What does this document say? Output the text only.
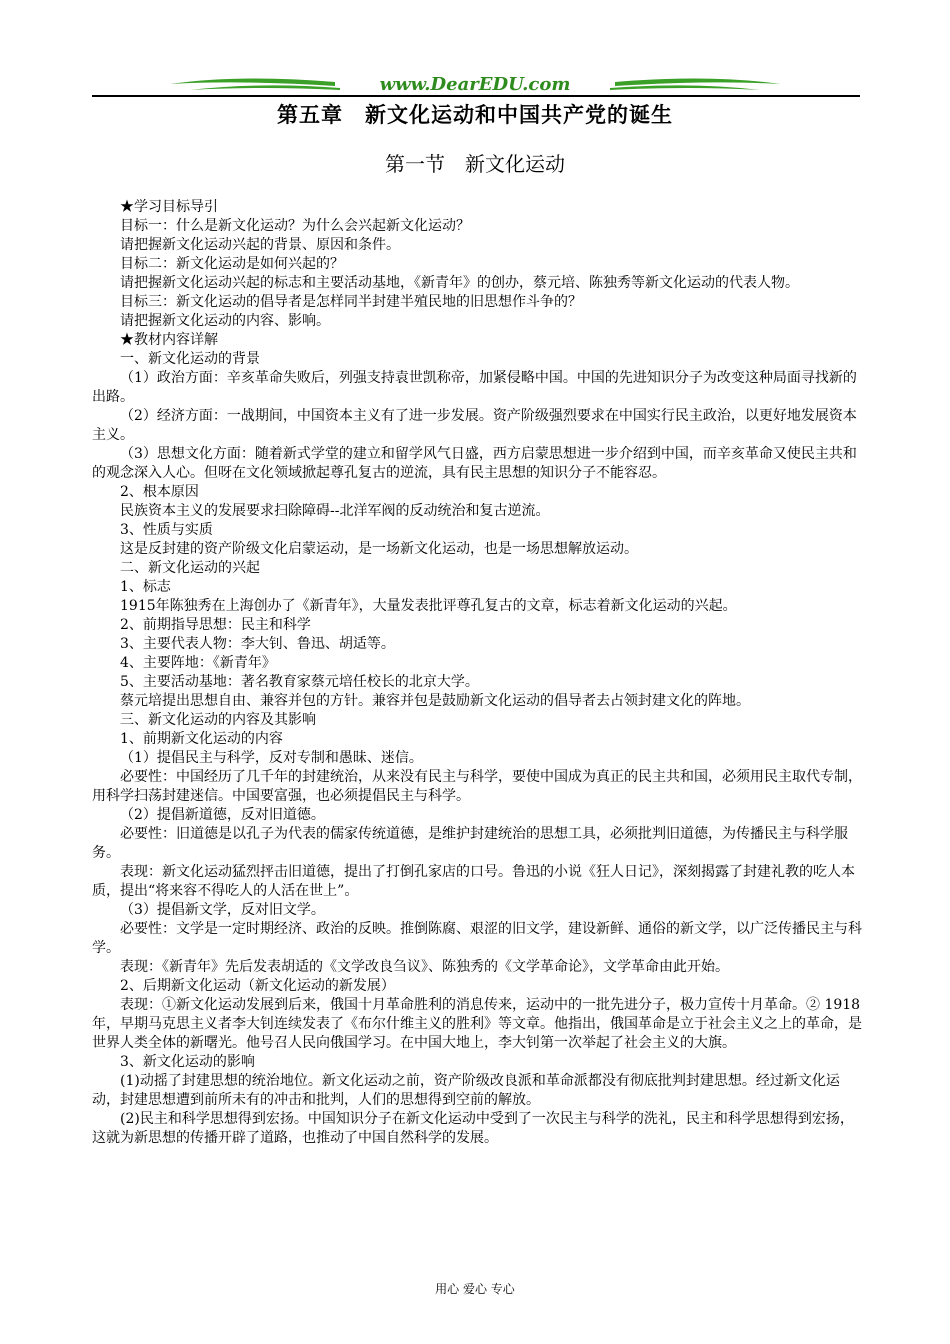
www.DearEDU.com
第五章　新文化运动和中国共产党的诞生
第一节　新文化运动

★学习目标导引

目标一：什么是新文化运动？为什么会兴起新文化运动？

请把握新文化运动兴起的背景、原因和条件。

目标二：新文化运动是如何兴起的？

请把握新文化运动兴起的标志和主要活动基地，《新青年》的创办，蔡元培、陈独秀等新文化运动的代表人物。

目标三：新文化运动的倡导者是怎样同半封建半殖民地的旧思想作斗争的？

请把握新文化运动的内容、影响。

★教材内容详解

一、新文化运动的背景

（1）政治方面：辛亥革命失败后，列强支持袁世凯称帝，加紧侵略中国。中国的先进知识分子为改变这种局面寻找新的出路。

（2）经济方面：一战期间，中国资本主义有了进一步发展。资产阶级强烈要求在中国实行民主政治，以更好地发展资本主义。

（3）思想文化方面：随着新式学堂的建立和留学风气日盛，西方启蒙思想进一步介绍到中国，而辛亥革命又使民主共和 的观念深入人心。但呀在文化领域掀起尊孔复古的逆流，具有民主思想的知识分子不能容忍。

2、根本原因

民族资本主义的发展要求扫除障碍--北洋军阀的反动统治和复古逆流。

3、性质与实质

这是反封建的资产阶级文化启蒙运动，是一场新文化运动，也是一场思想解放运动。

二、新文化运动的兴起

1、标志

1915年陈独秀在上海创办了《新青年》，大量发表批评尊孔复古的文章，标志着新文化运动的兴起。

2、前期指导思想：民主和科学

3、主要代表人物：李大钊、鲁迅、胡适等。

4、主要阵地：《新青年》

5、主要活动基地：著名教育家蔡元培任校长的北京大学。

蔡元培提出思想自由、兼容并包的方针。兼容并包是鼓励新文化运动的倡导者去占领封建文化的阵地。

三、新文化运动的内容及其影响

1、前期新文化运动的内容

（1）提倡民主与科学，反对专制和愚昧、迷信。

必要性：中国经历了几千年的封建统治，从来没有民主与科学，要使中国成为真正的民主共和国，必须用民主取代专制，用科学扫荡封建迷信。中国要富强，也必须提倡民主与科学。

（2）提倡新道德，反对旧道德。

必要性：旧道德是以孔子为代表的儒家传统道德，是维护封建统治的思想工具，必须批判旧道德，为传播民主与科学服务。

表现：新文化运动猛烈抨击旧道德，提出了打倒孔家店的口号。鲁迅的小说《狂人日记》，深刻揭露了封建礼教的吃人本质，提出“将来容不得吃人的人活在世上”。

（3）提倡新文学，反对旧文学。

必要性：文学是一定时期经济、政治的反映。推倒陈腐、艰涩的旧文学，建设新鲜、通俗的新文学，以广泛传播民主与科学。

表现：《新青年》先后发表胡适的《文学改良刍议》、陈独秀的《文学革命论》，文学革命由此开始。

2、后期新文化运动（新文化运动的新发展）

表现：①新文化运动发展到后来，俄国十月革命胜利的消息传来，运动中的一批先进分子，极力宣传十月革命。② 1918年，早期马克思主义者李大钊连续发表了《布尔什维主义的胜利》等文章。他指出，俄国革命是立于社会主义之上的革命，是世界人类全体的新曙光。他号召人民向俄国学习。在中国大地上，李大钊第一次举起了社会主义的大旗。

3、新文化运动的影响

(1)动摇了封建思想的统治地位。新文化运动之前，资产阶级改良派和革命派都没有彻底批判封建思想。经过新文化运动，封建思想遭到前所未有的冲击和批判，人们的思想得到空前的解放。

(2)民主和科学思想得到宏扬。中国知识分子在新文化运动中受到了一次民主与科学的洗礼，民主和科学思想得到宏扬，这就为新思想的传播开辟了道路，也推动了中国自然科学的发展。

用心 爱心 专心
